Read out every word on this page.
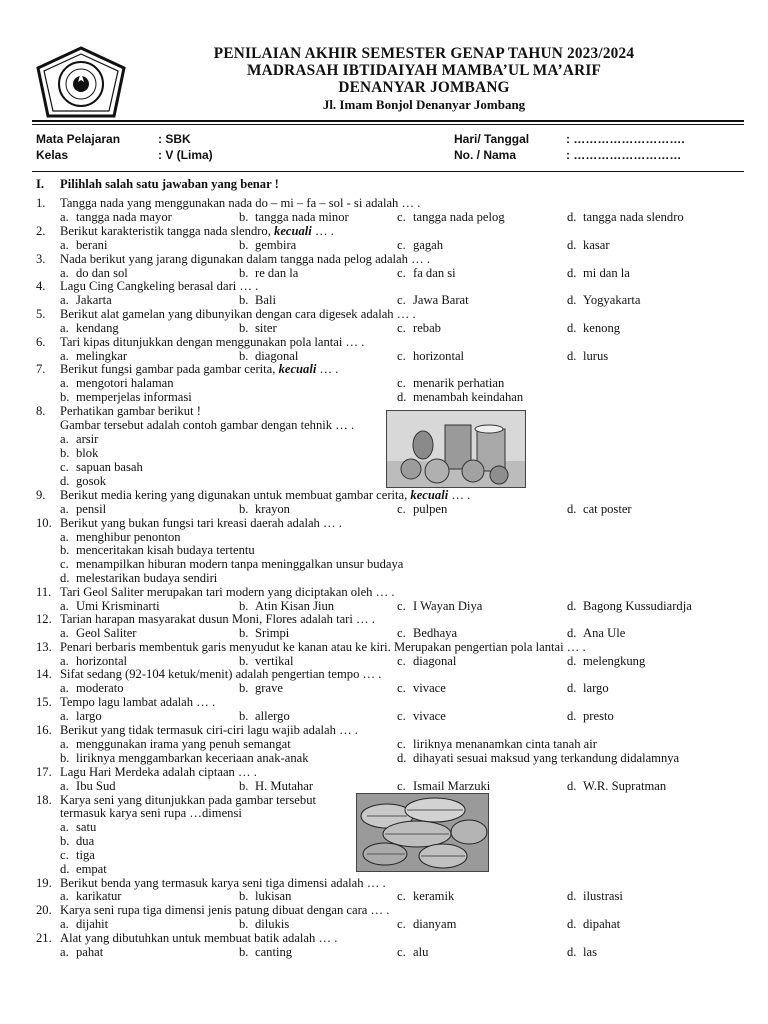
PENILAIAN AKHIR SEMESTER GENAP TAHUN 2023/2024
MADRASAH IBTIDAIYAH MAMBA’UL MA’ARIF
DENANYAR JOMBANG
Jl. Imam Bonjol Denanyar Jombang
Mata Pelajaran	: SBK
Kelas	: V (Lima)
Hari/ Tanggal	: ……………………….
No. / Nama	: ………………………
I. Pilihlah salah satu jawaban yang benar !
1. Tangga nada yang menggunakan nada do – mi – fa – sol - si adalah … .
a. tangga nada mayor	b. tangga nada minor	c. tangga nada pelog	d. tangga nada slendro
2. Berikut karakteristik tangga nada slendro, kecuali … .
a. berani	b. gembira	c. gagah	d. kasar
3. Nada berikut yang jarang digunakan dalam tangga nada pelog adalah … .
a. do dan sol	b. re dan la	c. fa dan si	d. mi dan la
4. Lagu Cing Cangkeling berasal dari … .
a. Jakarta	b. Bali	c. Jawa Barat	d. Yogyakarta
5. Berikut alat gamelan yang dibunyikan dengan cara digesek adalah … .
a. kendang	b. siter	c. rebab	d. kenong
6. Tari kipas ditunjukkan dengan menggunakan pola lantai … .
a. melingkar	b. diagonal	c. horizontal	d. lurus
7. Berikut fungsi gambar pada gambar cerita, kecuali … .
a. mengotori halaman
b. memperjelas informasi
c. menarik perhatian
d. menambah keindahan
8. Perhatikan gambar berikut !
Gambar tersebut adalah contoh gambar dengan tehnik … .
a. arsir
b. blok
c. sapuan basah
d. gosok
9. Berikut media kering yang digunakan untuk membuat gambar cerita, kecuali … .
a. pensil	b. krayon	c. pulpen	d. cat poster
10. Berikut yang bukan fungsi tari kreasi daerah adalah … .
a. menghibur penonton
b. menceritakan kisah budaya tertentu
c. menampilkan hiburan modern tanpa meninggalkan unsur budaya
d. melestarikan budaya sendiri
11. Tari Geol Saliter merupakan tari modern yang diciptakan oleh … .
a. Umi Krisminarti	b. Atin Kisan Jiun	c. I Wayan Diya	d. Bagong Kussudiardja
12. Tarian harapan masyarakat dusun Moni, Flores adalah tari … .
a. Geol Saliter	b. Srimpi	c. Bedhaya	d. Ana Ule
13. Penari berbaris membentuk garis menyudut ke kanan atau ke kiri. Merupakan pengertian pola lantai … .
a. horizontal	b. vertikal	c. diagonal	d. melengkung
14. Sifat sedang (92-104 ketuk/menit) adalah pengertian tempo … .
a. moderato	b. grave	c. vivace	d. largo
15. Tempo lagu lambat adalah … .
a. largo	b. allergo	c. vivace	d. presto
16. Berikut yang tidak termasuk ciri-ciri lagu wajib adalah … .
a. menggunakan irama yang penuh semangat
b. liriknya menggambarkan keceriaan anak-anak
c. liriknya menanamkan cinta tanah air
d. dihayati sesuai maksud yang terkandung didalamnya
17. Lagu Hari Merdeka adalah ciptaan … .
a. Ibu Sud	b. H. Mutahar	c. Ismail Marzuki	d. W.R. Supratman
18. Karya seni yang ditunjukkan pada gambar tersebut
termasuk karya seni rupa …dimensi
a. satu
b. dua
c. tiga
d. empat
19. Berikut benda yang termasuk karya seni tiga dimensi adalah … .
a. karikatur	b. lukisan	c. keramik	d. ilustrasi
20. Karya seni rupa tiga dimensi jenis patung dibuat dengan cara … .
a. dijahit	b. dilukis	c. dianyam	d. dipahat
21. Alat yang dibutuhkan untuk membuat batik adalah … .
a. pahat	b. canting	c. alu	d. las
